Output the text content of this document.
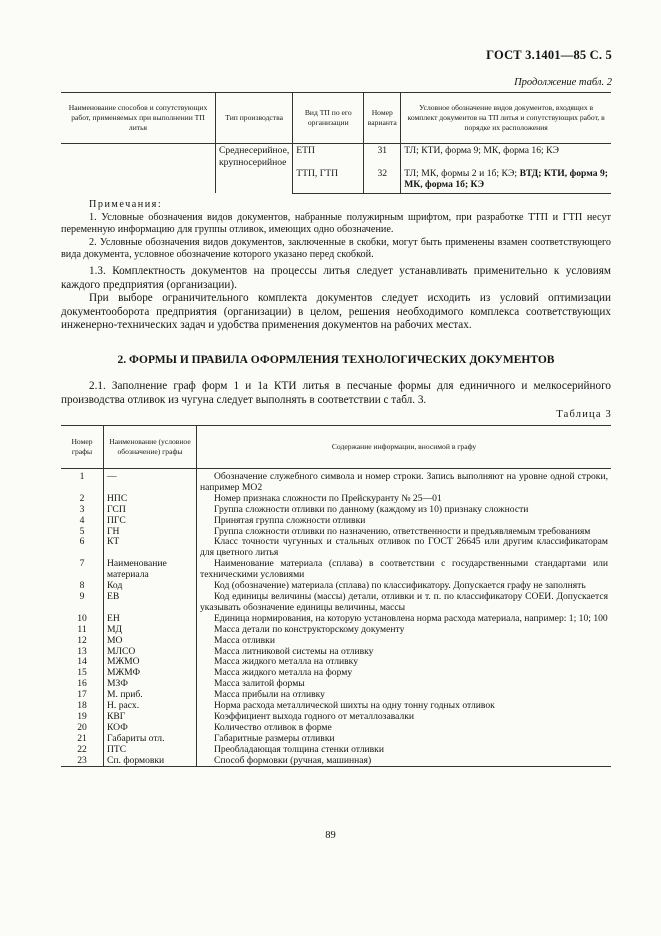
ГОСТ 3.1401—85 С. 5
Продолжение табл. 2
Наименование способов и сопутствующих работ, применяемых при выполнении ТП литья	Тип производства	Вид ТП по его организации	Номер варианта	Условное обозначение видов документов, входящих в комплект документов на ТП литья и сопутствующих работ, в порядке их расположения
	Среднесерийное, крупносерийное	ЕТП	31	ТЛ; КТИ, форма 9; МК, форма 16; КЭ
		ТТП, ГТП	32	ТЛ; МК, формы 2 и 1б; КЭ; ВТД; КТИ, форма 9; МК, форма 1б; КЭ
Примечания:

1. Условные обозначения видов документов, набранные полужирным шрифтом, при разработке ТТП и ГТП несут переменную информацию для группы отливок, имеющих одно обозначение.

2. Условные обозначения видов документов, заключенные в скобки, могут быть применены взамен соответствующего вида документа, условное обозначение которого указано перед скобкой.

1.3. Комплектность документов на процессы литья следует устанавливать применительно к условиям каждого предприятия (организации).

При выборе ограничительного комплекта документов следует исходить из условий оптимизации документооборота предприятия (организации) в целом, решения необходимого комплекса соответствующих инженерно-технических задач и удобства применения документов на рабочих местах.

2. ФОРМЫ И ПРАВИЛА ОФОРМЛЕНИЯ ТЕХНОЛОГИЧЕСКИХ ДОКУМЕНТОВ

2.1. Заполнение граф форм 1 и 1а КТИ литья в песчаные формы для единичного и мелкосерийного производства отливок из чугуна следует выполнять в соответствии с табл. 3.

Таблица 3
Номер графы	Наименование (условное обозначение) графы	Содержание информации, вносимой в графу
1	—	Обозначение служебного символа и номер строки. Запись выполняют на уровне одной строки, например МО2
2	НПС	Номер признака сложности по Прейскуранту № 25—01
3	ГСП	Группа сложности отливки по данному (каждому из 10) признаку сложности
4	ПГС	Принятая группа сложности отливки
5	ГН	Группа сложности отливки по назначению, ответственности и предъявляемым требованиям
6	КТ	Класс точности чугунных и стальных отливок по ГОСТ 26645 или другим классификаторам для цветного литья
7	Наименование материала	Наименование материала (сплава) в соответствии с государственными стандартами или техническими условиями
8	Код	Код (обозначение) материала (сплава) по классификатору. Допускается графу не заполнять
9	ЕВ	Код единицы величины (массы) детали, отливки и т. п. по классификатору СОЕИ. Допускается указывать обозначение единицы величины, массы
10	ЕН	Единица нормирования, на которую установлена норма расхода материала, например: 1; 10; 100
11	МД	Масса детали по конструкторскому документу
12	МО	Масса отливки
13	МЛСО	Масса литниковой системы на отливку
14	МЖМО	Масса жидкого металла на отливку
15	МЖМФ	Масса жидкого металла на форму
16	МЗФ	Масса залитой формы
17	М. приб.	Масса прибыли на отливку
18	Н. расх.	Норма расхода металлической шихты на одну тонну годных отливок
19	КВГ	Коэффициент выхода годного от металлозавалки
20	КОФ	Количество отливок в форме
21	Габариты отл.	Габаритные размеры отливки
22	ПТС	Преобладающая толщина стенки отливки
23	Сп. формовки	Способ формовки (ручная, машинная)
89
